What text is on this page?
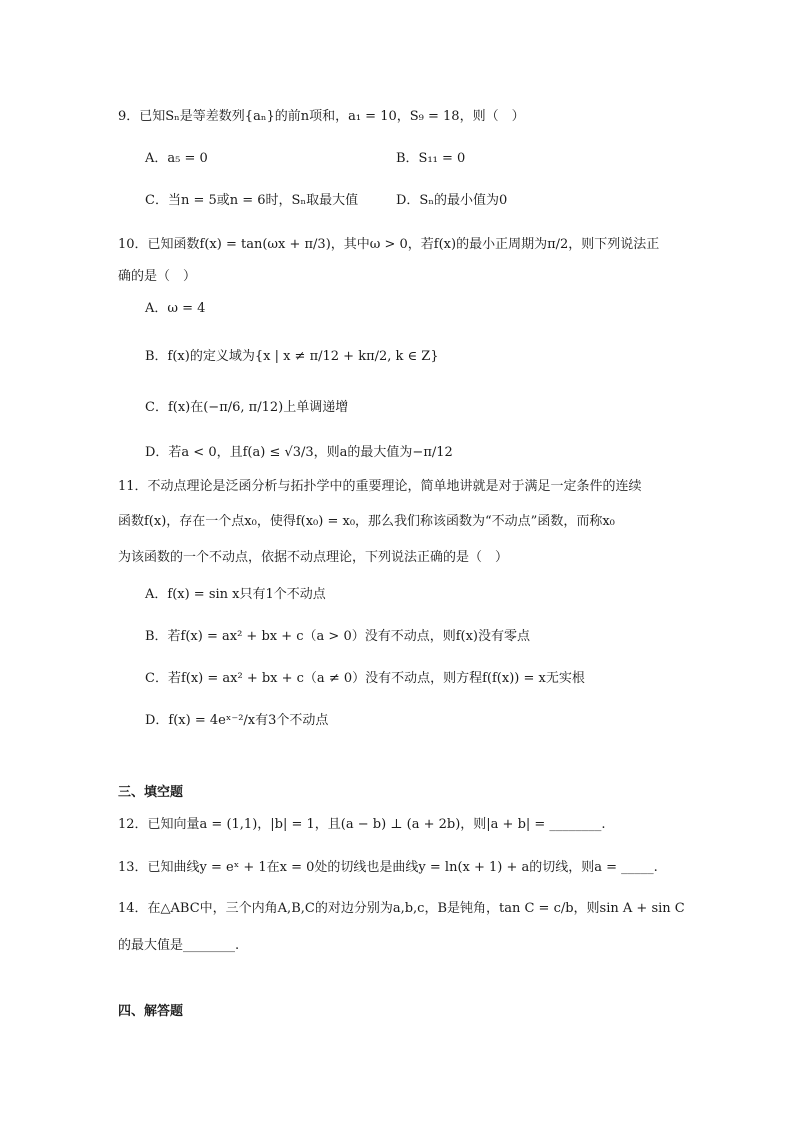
9．已知Sₙ是等差数列{aₙ}的前n项和，a₁ = 10，S₉ = 18，则（　）
A．a₅ = 0	B．S₁₁ = 0
C．当n = 5或n = 6时，Sₙ取最大值	D．Sₙ的最小值为0
10．已知函数f(x) = tan(ωx + π/3)，其中ω > 0，若f(x)的最小正周期为π/2，则下列说法正
确的是（　）
A．ω = 4
B．f(x)的定义域为{x | x ≠ π/12 + kπ/2, k ∈ Z}
C．f(x)在(−π/6, π/12)上单调递增
D．若a < 0，且f(a) ≤ √3/3，则a的最大值为−π/12
11．不动点理论是泛函分析与拓扑学中的重要理论，简单地讲就是对于满足一定条件的连续
函数f(x)，存在一个点x₀，使得f(x₀) = x₀，那么我们称该函数为“不动点”函数，而称x₀
为该函数的一个不动点，依据不动点理论，下列说法正确的是（　）
A．f(x) = sin x只有1个不动点
B．若f(x) = ax² + bx + c（a > 0）没有不动点，则f(x)没有零点
C．若f(x) = ax² + bx + c（a ≠ 0）没有不动点，则方程f(f(x)) = x无实根
D．f(x) = 4eˣ⁻²/x有3个不动点
三、填空题
12．已知向量a = (1,1)，|b| = 1，且(a − b) ⊥ (a + 2b)，则|a + b| = ________.
13．已知曲线y = eˣ + 1在x = 0处的切线也是曲线y = ln(x + 1) + a的切线，则a = _____.
14．在△ABC中，三个内角A,B,C的对边分别为a,b,c，B是钝角，tan C = c/b，则sin A + sin C
的最大值是________.
四、解答题
